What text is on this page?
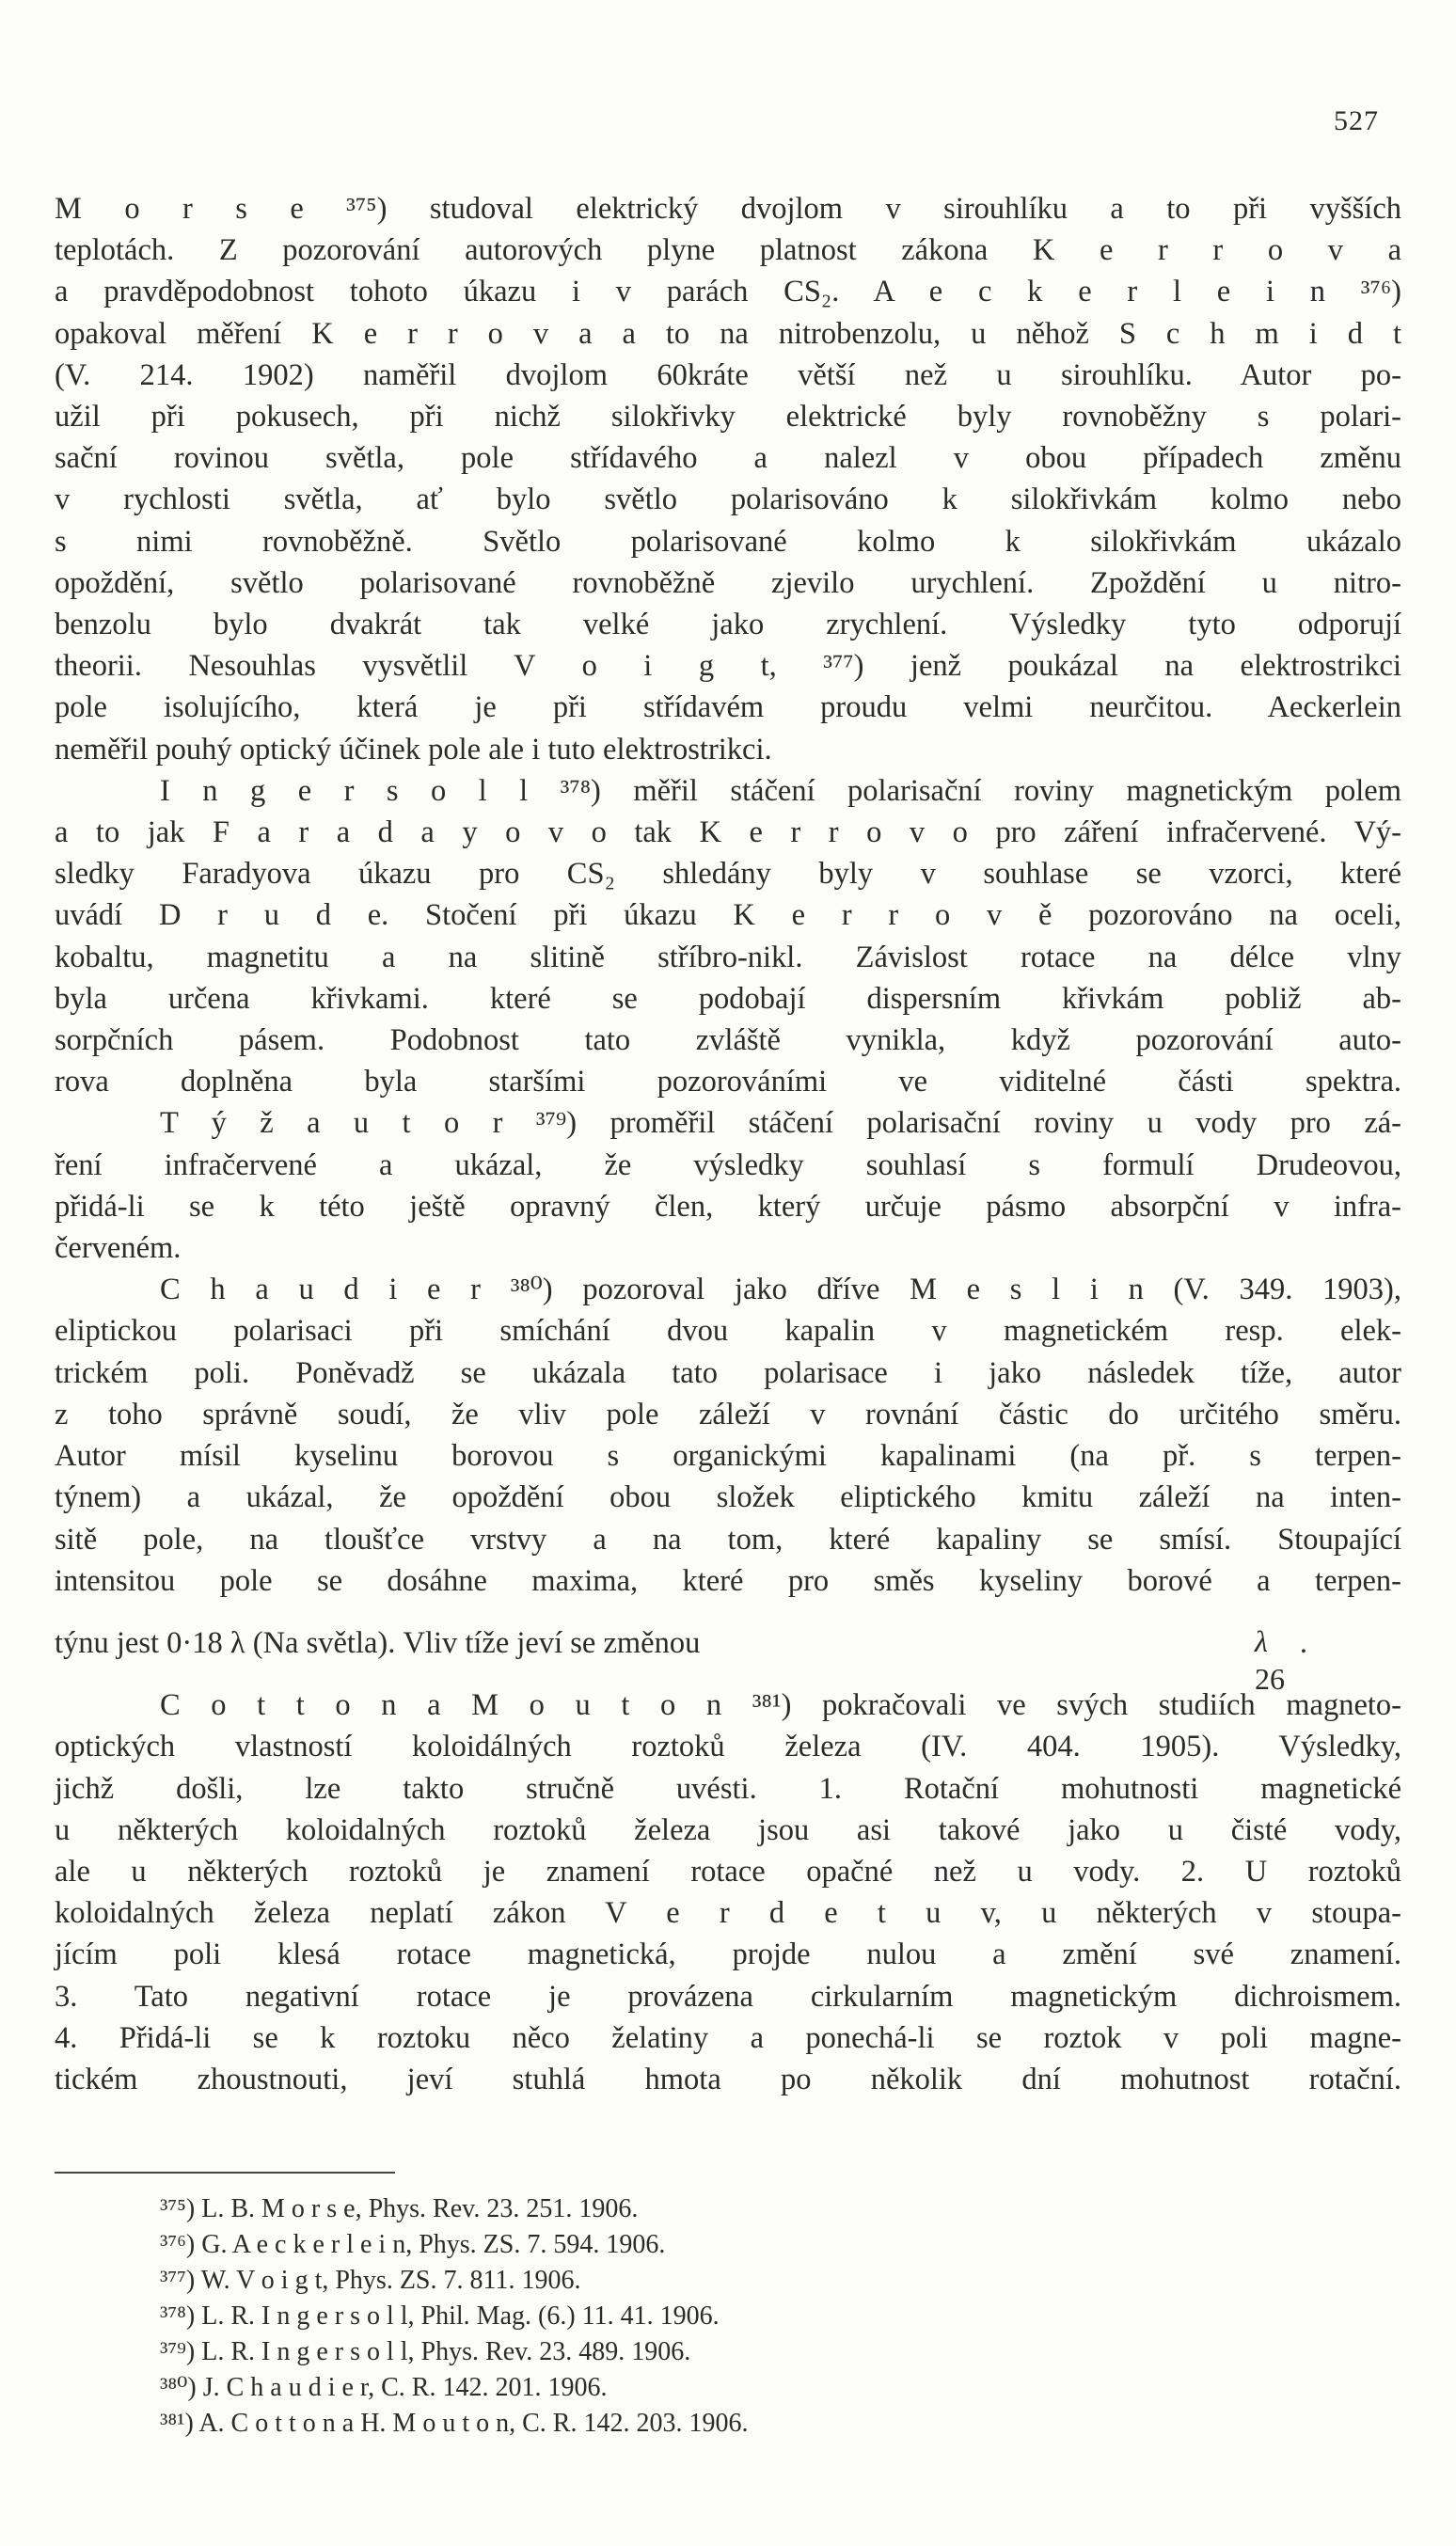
527

M o r s e ³⁷⁵) studoval elektrický dvojlom v sirouhlíku a to při vyšších
teplotách. Z pozorování autorových plyne platnost zákona K e r r o v a
a pravděpodobnost tohoto úkazu i v parách CS₂. A e c k e r l e i n ³⁷⁶)
opakoval měření K e r r o v a a to na nitrobenzolu, u něhož S c h m i d t
(V. 214. 1902) naměřil dvojlom 60kráte větší než u sirouhlíku. Autor po-
užil při pokusech, při nichž silokřivky elektrické byly rovnoběžny s polari-
sační rovinou světla, pole střídavého a nalezl v obou případech změnu
v rychlosti světla, ať bylo světlo polarisováno k silokřivkám kolmo nebo
s nimi rovnoběžně. Světlo polarisované kolmo k silokřivkám ukázalo
opoždění, světlo polarisované rovnoběžně zjevilo urychlení. Zpoždění u nitro-
benzolu bylo dvakrát tak velké jako zrychlení. Výsledky tyto odporují
theorii. Nesouhlas vysvětlil V o i g t, ³⁷⁷) jenž poukázal na elektrostrikci
pole isolujícího, která je při střídavém proudu velmi neurčitou. Aeckerlein
neměřil pouhý optický účinek pole ale i tuto elektrostrikci.

I n g e r s o l l ³⁷⁸) měřil stáčení polarisační roviny magnetickým polem
a to jak F a r a d a y o v o tak K e r r o v o pro záření infračervené. Vý-
sledky Faradyova úkazu pro CS₂ shledány byly v souhlase se vzorci, které
uvádí D r u d e. Stočení při úkazu K e r r o v ě pozorováno na oceli,
kobaltu, magnetitu a na slitině stříbro-nikl. Závislost rotace na délce vlny
byla určena křivkami. které se podobají dispersním křivkám pobliž ab-
sorpčních pásem. Podobnost tato zvláště vynikla, když pozorování auto-
rova doplněna byla staršími pozorováními ve viditelné části spektra.

T ý ž a u t o r ³⁷⁹) proměřil stáčení polarisační roviny u vody pro zá-
ření infračervené a ukázal, že výsledky souhlasí s formulí Drudeovou,
přidá-li se k této ještě opravný člen, který určuje pásmo absorpční v infra-
červeném.

C h a u d i e r ³⁸⁰) pozoroval jako dříve M e s l i n (V. 349. 1903),
eliptickou polarisaci při smíchání dvou kapalin v magnetickém resp. elek-
trickém poli. Poněvadž se ukázala tato polarisace i jako následek tíže, autor
z toho správně soudí, že vliv pole záleží v rovnání částic do určitého směru.
Autor mísil kyselinu borovou s organickými kapalinami (na př. s terpen-
týnem) a ukázal, že opoždění obou složek eliptického kmitu záleží na inten-
sitě pole, na tloušťce vrstvy a na tom, které kapaliny se smísí. Stoupající
intensitou pole se dosáhne maxima, které pro směs kyseliny borové a terpen-
týnu jest 0·18 λ (Na světla). Vliv tíže jeví se změnou	λ
26
.

C o t t o n a M o u t o n ³⁸¹) pokračovali ve svých studiích magneto-
optických vlastností koloidálných roztoků železa (IV. 404. 1905). Výsledky,
jichž došli, lze takto stručně uvésti. 1. Rotační mohutnosti magnetické
u některých koloidalných roztoků železa jsou asi takové jako u čisté vody,
ale u některých roztoků je znamení rotace opačné než u vody. 2. U roztoků
koloidalných železa neplatí zákon V e r d e t u v, u některých v stoupa-
jícím poli klesá rotace magnetická, projde nulou a změní své znamení.
3. Tato negativní rotace je provázena cirkularním magnetickým dichroismem.
4. Přidá-li se k roztoku něco želatiny a ponechá-li se roztok v poli magne-
tickém zhoustnouti, jeví stuhlá hmota po několik dní mohutnost rotační.

³⁷⁵) L. B. M o r s e, Phys. Rev. 23. 251. 1906.
³⁷⁶) G. A e c k e r l e i n, Phys. ZS. 7. 594. 1906.
³⁷⁷) W. V o i g t, Phys. ZS. 7. 811. 1906.
³⁷⁸) L. R. I n g e r s o l l, Phil. Mag. (6.) 11. 41. 1906.
³⁷⁹) L. R. I n g e r s o l l, Phys. Rev. 23. 489. 1906.
³⁸⁰) J. C h a u d i e r, C. R. 142. 201. 1906.
³⁸¹) A. C o t t o n a H. M o u t o n, C. R. 142. 203. 1906.
